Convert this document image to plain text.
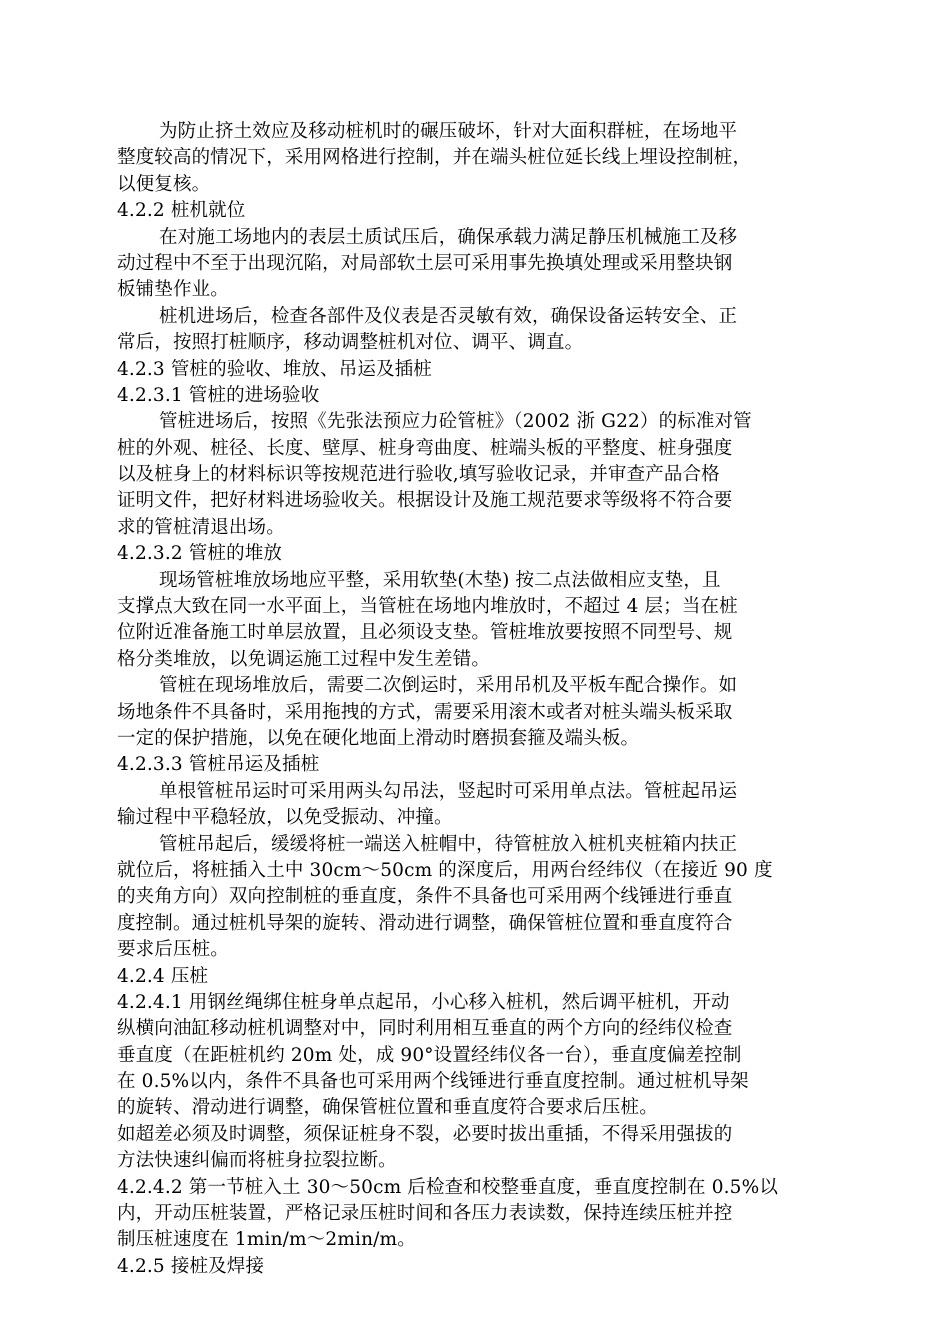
为防止挤土效应及移动桩机时的碾压破坏，针对大面积群桩，在场地平

整度较高的情况下，采用网格进行控制，并在端头桩位延长线上埋设控制桩，

以便复核。

4.2.2 桩机就位

在对施工场地内的表层土质试压后，确保承载力满足静压机械施工及移

动过程中不至于出现沉陷，对局部软土层可采用事先换填处理或采用整块钢

板铺垫作业。

桩机进场后，检查各部件及仪表是否灵敏有效，确保设备运转安全、正

常后，按照打桩顺序，移动调整桩机对位、调平、调直。

4.2.3 管桩的验收、堆放、吊运及插桩

4.2.3.1 管桩的进场验收

管桩进场后，按照《先张法预应力砼管桩》（2002 浙 G22）的标准对管

桩的外观、桩径、长度、壁厚、桩身弯曲度、桩端头板的平整度、桩身强度

以及桩身上的材料标识等按规范进行验收,填写验收记录，并审查产品合格

证明文件，把好材料进场验收关。根据设计及施工规范要求等级将不符合要

求的管桩清退出场。

4.2.3.2 管桩的堆放

现场管桩堆放场地应平整，采用软垫(木垫) 按二点法做相应支垫，且

支撑点大致在同一水平面上，当管桩在场地内堆放时，不超过 4 层；当在桩

位附近准备施工时单层放置，且必须设支垫。管桩堆放要按照不同型号、规

格分类堆放，以免调运施工过程中发生差错。

管桩在现场堆放后，需要二次倒运时，采用吊机及平板车配合操作。如

场地条件不具备时，采用拖拽的方式，需要采用滚木或者对桩头端头板采取

一定的保护措施，以免在硬化地面上滑动时磨损套箍及端头板。

4.2.3.3 管桩吊运及插桩

单根管桩吊运时可采用两头勾吊法，竖起时可采用单点法。管桩起吊运

输过程中平稳轻放，以免受振动、冲撞。

管桩吊起后，缓缓将桩一端送入桩帽中，待管桩放入桩机夹桩箱内扶正

就位后，将桩插入土中 30cm～50cm 的深度后，用两台经纬仪（在接近 90 度

的夹角方向）双向控制桩的垂直度，条件不具备也可采用两个线锤进行垂直

度控制。通过桩机导架的旋转、滑动进行调整，确保管桩位置和垂直度符合

要求后压桩。

4.2.4 压桩

4.2.4.1 用钢丝绳绑住桩身单点起吊，小心移入桩机，然后调平桩机，开动

纵横向油缸移动桩机调整对中，同时利用相互垂直的两个方向的经纬仪检查

垂直度（在距桩机约 20m 处，成 90°设置经纬仪各一台），垂直度偏差控制

在 0.5%以内，条件不具备也可采用两个线锤进行垂直度控制。通过桩机导架

的旋转、滑动进行调整，确保管桩位置和垂直度符合要求后压桩。

如超差必须及时调整，须保证桩身不裂，必要时拔出重插，不得采用强拔的

方法快速纠偏而将桩身拉裂拉断。

4.2.4.2 第一节桩入土 30～50cm 后检查和校整垂直度，垂直度控制在 0.5%以

内，开动压桩装置，严格记录压桩时间和各压力表读数，保持连续压桩并控

制压桩速度在 1min/m～2min/m。

4.2.5 接桩及焊接
